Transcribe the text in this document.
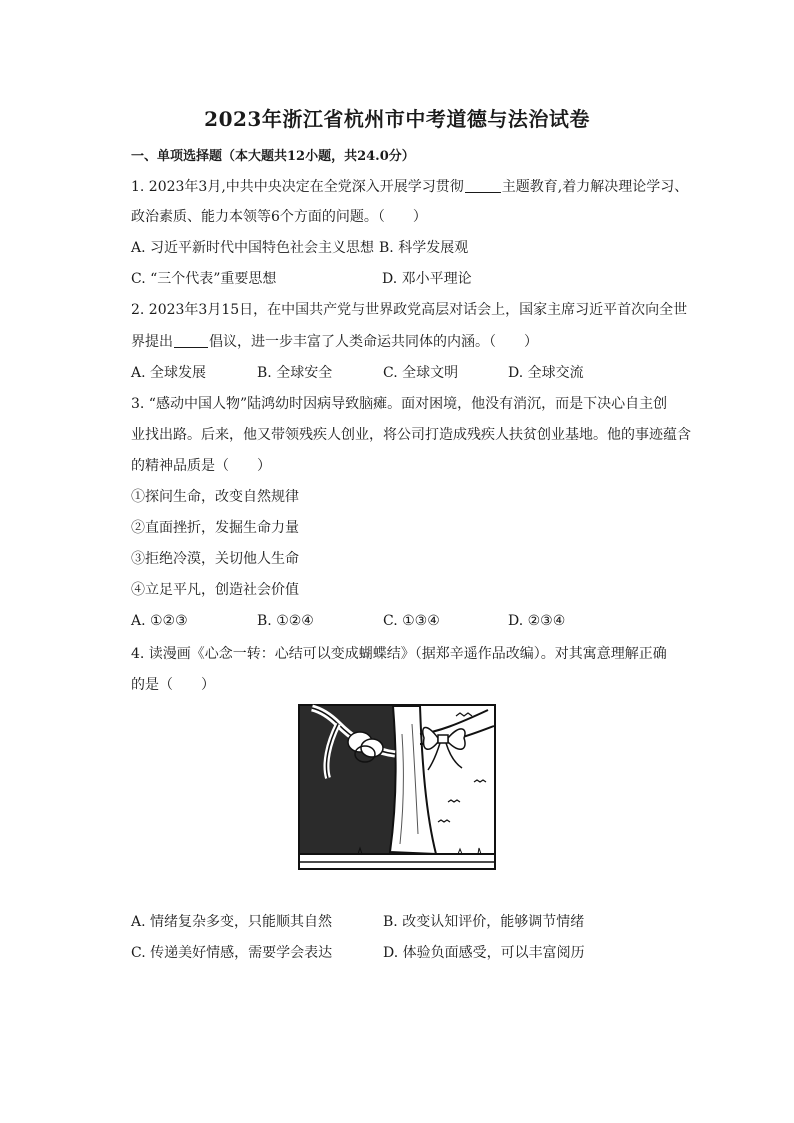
2023年浙江省杭州市中考道德与法治试卷
一、单项选择题（本大题共12小题，共24.0分）
1. 2023年3月,中共中央决定在全党深入开展学习贯彻	主题教育,着力解决理论学习、
政治素质、能力本领等6个方面的问题。（　　）
A. 习近平新时代中国特色社会主义思想 B. 科学发展观
C. “三个代表”重要思想	D. 邓小平理论
2. 2023年3月15日，在中国共产党与世界政党高层对话会上，国家主席习近平首次向全世
界提出	倡议，进一步丰富了人类命运共同体的内涵。（　　）
A. 全球发展	B. 全球安全	C. 全球文明	D. 全球交流
3. “感动中国人物”陆鸿幼时因病导致脑瘫。面对困境，他没有消沉，而是下决心自主创
业找出路。后来，他又带领残疾人创业，将公司打造成残疾人扶贫创业基地。他的事迹蕴含
的精神品质是（　　）
①探问生命，改变自然规律
②直面挫折，发掘生命力量
③拒绝冷漠，关切他人生命
④立足平凡，创造社会价值
A. ①②③	B. ①②④	C. ①③④	D. ②③④
4. 读漫画《心念一转：心结可以变成蝴蝶结》（据郑辛遥作品改编）。对其寓意理解正确
的是（　　）
A. 情绪复杂多变，只能顺其自然	B. 改变认知评价，能够调节情绪
C. 传递美好情感，需要学会表达	D. 体验负面感受，可以丰富阅历
